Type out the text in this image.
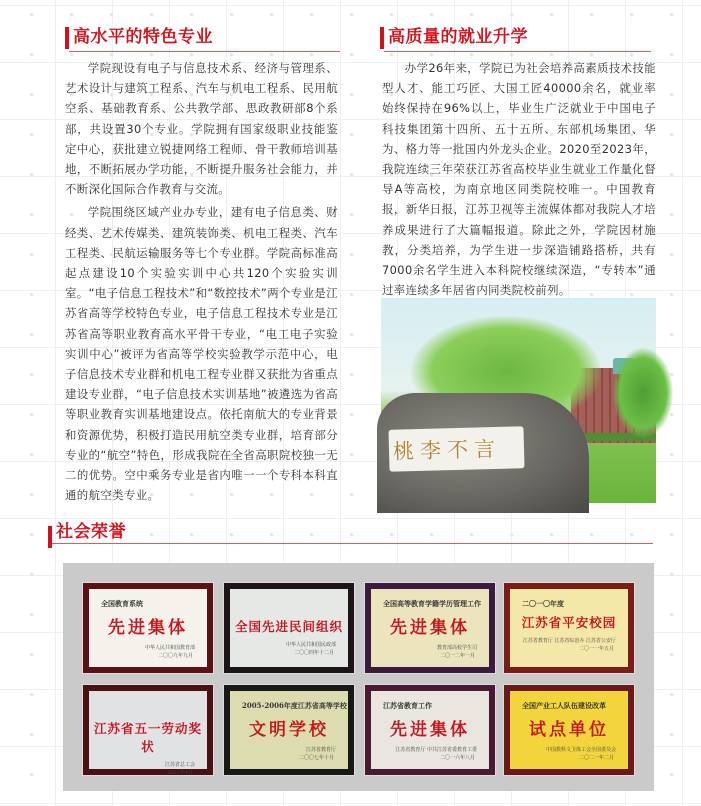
高水平的特色专业

学院现设有电子与信息技术系、经济与管理系、艺术设计与建筑工程系、汽车与机电工程系、民用航空系、基础教育系、公共教学部、思政教研部8个系部，共设置30个专业。学院拥有国家级职业技能鉴定中心，获批建立锐捷网络工程师、骨干教师培训基地，不断拓展办学功能，不断提升服务社会能力，并不断深化国际合作教育与交流。

学院围绕区域产业办专业，建有电子信息类、财经类、艺术传媒类、建筑装饰类、机电工程类、汽车工程类、民航运输服务等七个专业群。学院高标准高起点建设10个实验实训中心共120个实验实训室。“电子信息工程技术”和“数控技术”两个专业是江苏省高等学校特色专业，电子信息工程技术专业是江苏省高等职业教育高水平骨干专业，“电工电子实验实训中心”被评为省高等学校实验教学示范中心，电子信息技术专业群和机电工程专业群又获批为省重点建设专业群，“电子信息技术实训基地”被遴选为省高等职业教育实训基地建设点。依托南航大的专业背景和资源优势，积极打造民用航空类专业群，培育部分专业的“航空”特色，形成我院在全省高职院校独一无二的优势。空中乘务专业是省内唯一一个专科本科直通的航空类专业。

高质量的就业升学

办学26年来，学院已为社会培养高素质技术技能型人才、能工巧匠、大国工匠40000余名，就业率始终保持在96%以上，毕业生广泛就业于中国电子科技集团第十四所、五十五所、东部机场集团、华为、格力等一批国内外龙头企业。2020至2023年，我院连续三年荣获江苏省高校毕业生就业工作量化督导A等高校，为南京地区同类院校唯一。中国教育报，新华日报，江苏卫视等主流媒体都对我院人才培养成果进行了大篇幅报道。除此之外，学院因材施教，分类培养，为学生进一步深造铺路搭桥，共有7000余名学生进入本科院校继续深造，“专转本”通过率连续多年居省内同类院校前列。

桃李不言
社会荣誉
全国教育系统
先进集体
中华人民共和国教育部
二〇〇九年九月
全国先进民间组织
中华人民共和国民政部
二〇〇四年十二月
全国高等教育学籍学历管理工作
先进集体
教育部高校学生司
二〇一二年一月
二〇一〇年度
江苏省平安校园
江苏省教育厅 江苏省综治办 江苏省公安厅
二〇一一年五月
江苏省五一劳动奖状
江苏省总工会
2022年4月
2005-2006年度江苏省高等学校
文明学校
江苏省教育厅
二〇〇七年十月
江苏省教育工作
先进集体
江苏省教育厅 中共江苏省委教育工委
二〇一六年八月
全国产业工人队伍建设改革
试点单位
中国教科文卫体工会全国委员会
二〇二一年二月
